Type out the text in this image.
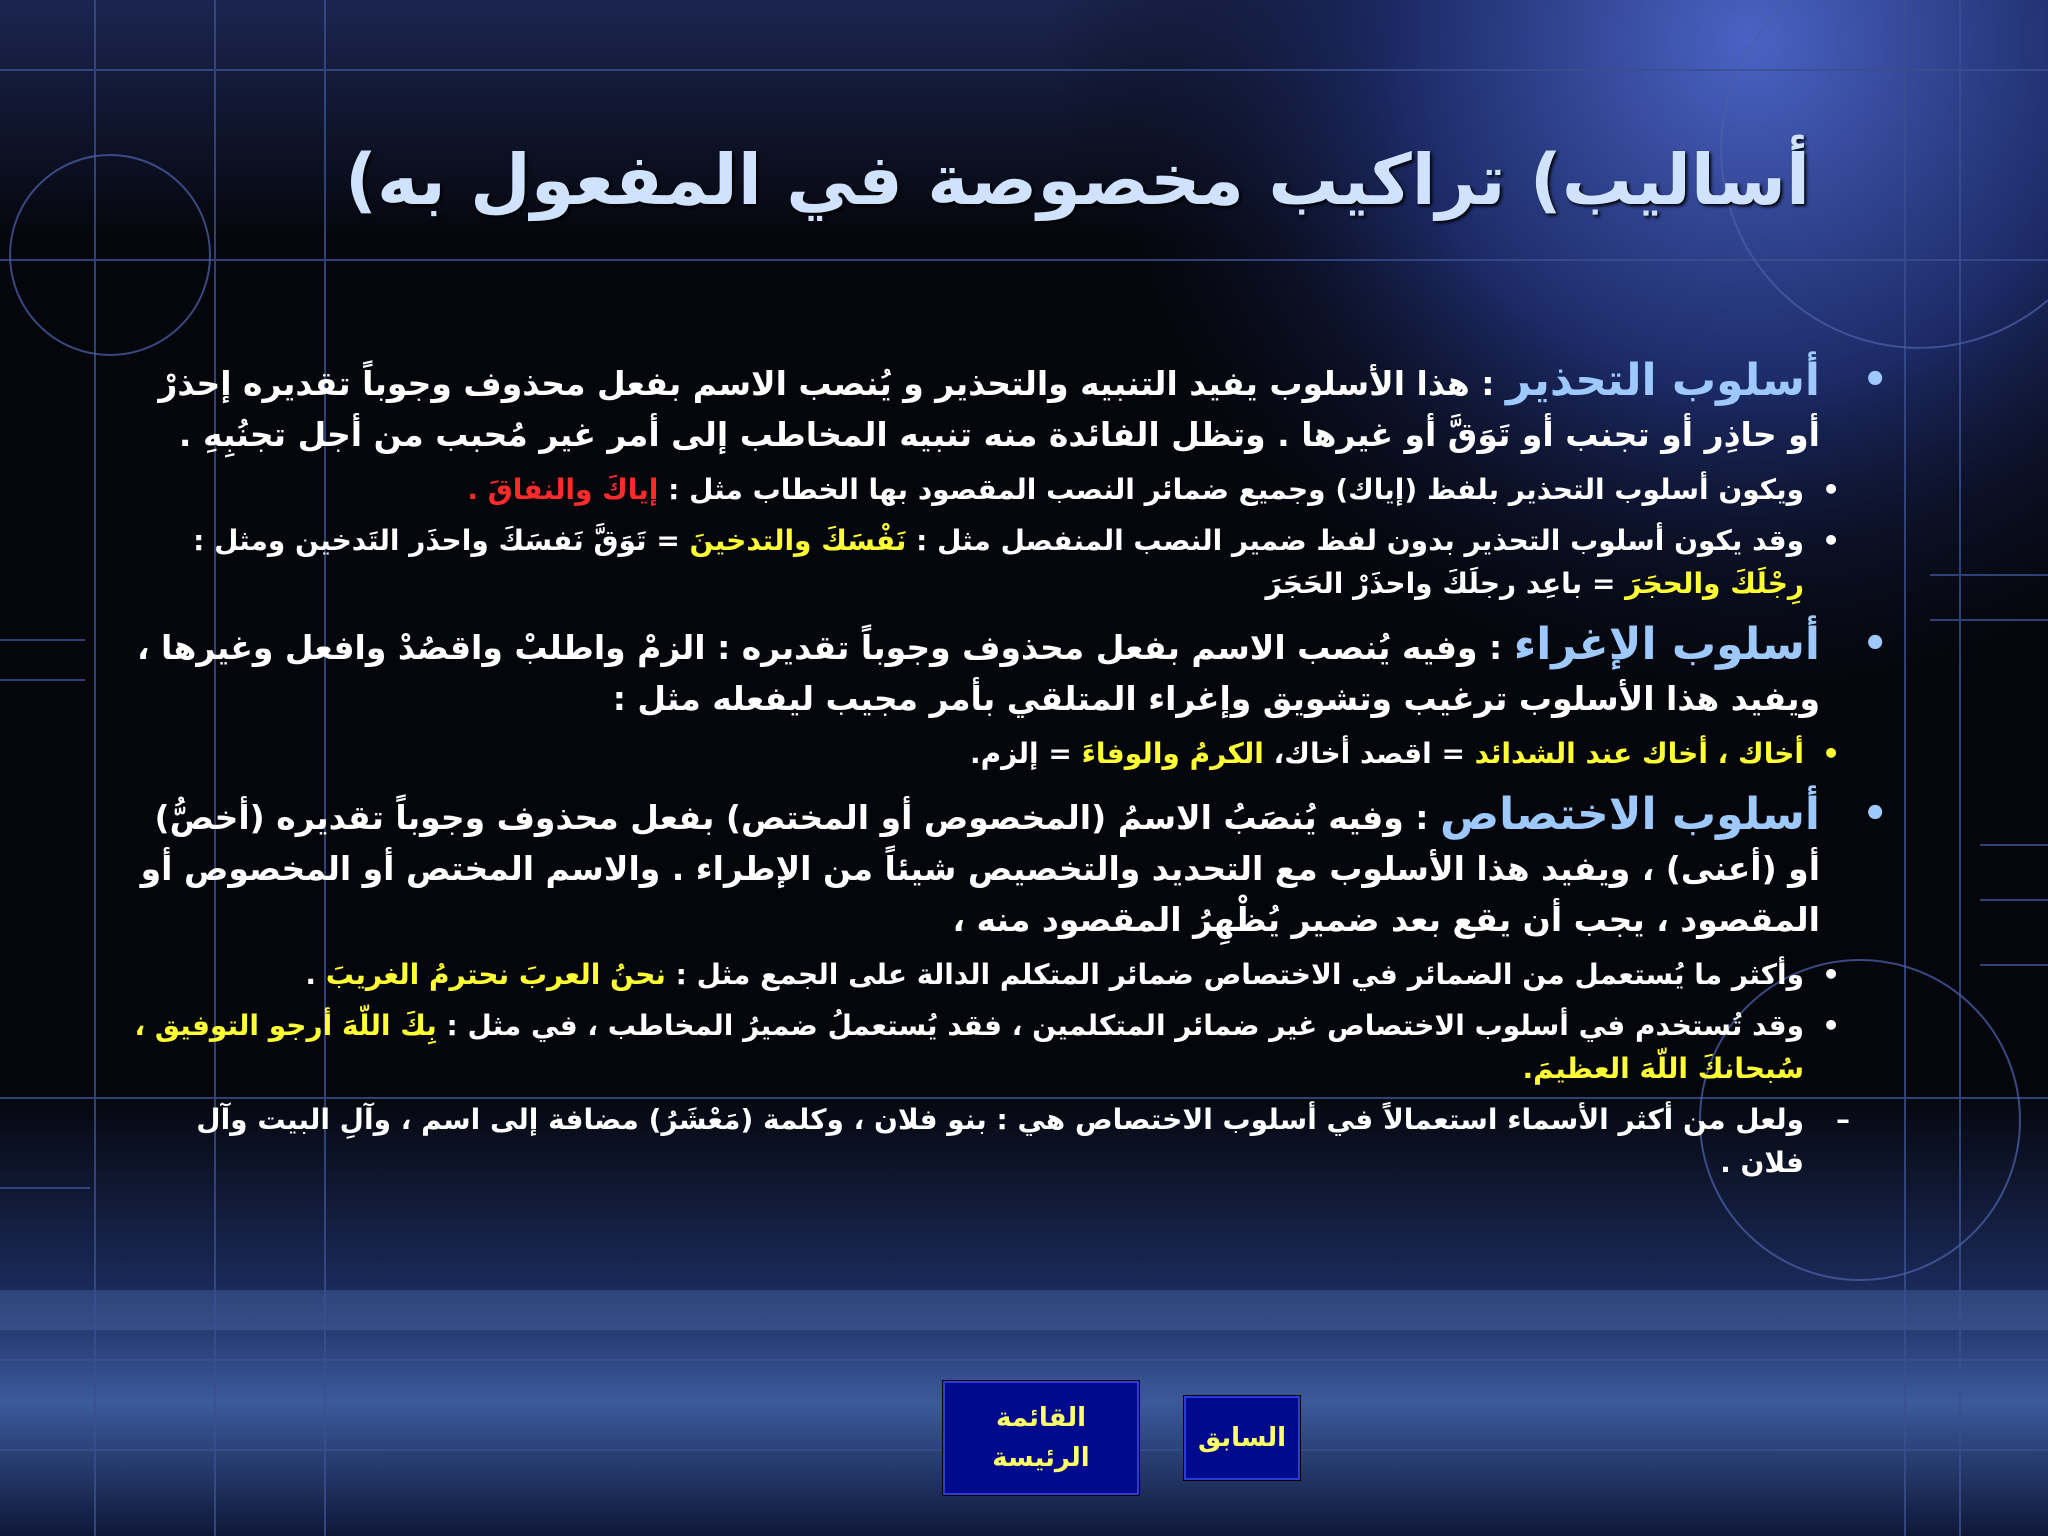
أساليب) تراكيب مخصوصة في المفعول به)
•
أسلوب التحذير : هذا الأسلوب يفيد التنبيه والتحذير و يُنصب الاسم بفعل محذوف وجوباً تقديره إحذرْ أو حاذِر أو تجنب أو تَوَقَّ أو غيرها . وتظل الفائدة منه تنبيه المخاطب إلى أمر غير مُحبب من أجل تجنُبِهِ .
•
ويكون أسلوب التحذير بلفظ (إياك) وجميع ضمائر النصب المقصود بها الخطاب مثل : إياكَ والنفاقَ .
•
وقد يكون أسلوب التحذير بدون لفظ ضمير النصب المنفصل مثل : نَفْسَكَ والتدخينَ = تَوَقَّ نَفسَكَ واحذَر التَدخين ومثل : رِجْلَكَ والحجَرَ = باعِد رجلَكَ واحذَرْ الحَجَرَ
•
أسلوب الإغراء : وفيه يُنصب الاسم بفعل محذوف وجوباً تقديره : الزمْ واطلبْ واقصُدْ وافعل وغيرها ، ويفيد هذا الأسلوب ترغيب وتشويق وإغراء المتلقي بأمر مجيب ليفعله مثل :
•
أخاك ، أخاك عند الشدائد = اقصد أخاك، الكرمُ والوفاءَ = إلزم.
•
أسلوب الاختصاص : وفيه يُنصَبُ الاسمُ (المخصوص أو المختص) بفعل محذوف وجوباً تقديره (أخصُّ) أو (أعنى) ، ويفيد هذا الأسلوب مع التحديد والتخصيص شيئاً من الإطراء . والاسم المختص أو المخصوص أو المقصود ، يجب أن يقع بعد ضمير يُظْهِرُ المقصود منه ،
•
وأكثر ما يُستعمل من الضمائر في الاختصاص ضمائر المتكلم الدالة على الجمع مثل : نحنُ العربَ نحترمُ الغريبَ .
•
وقد تُستخدم في أسلوب الاختصاص غير ضمائر المتكلمين ، فقد يُستعملُ ضميرُ المخاطب ، في مثل : بِكَ اللّهَ أرجو التوفيق ، سُبحانكَ اللّهَ العظيمَ.
–
ولعل من أكثر الأسماء استعمالاً في أسلوب الاختصاص هي : بنو فلان ، وكلمة (مَعْشَرُ) مضافة إلى اسم ، وآلِ البيت وآل فلان .
القائمة الرئيسة
السابق
